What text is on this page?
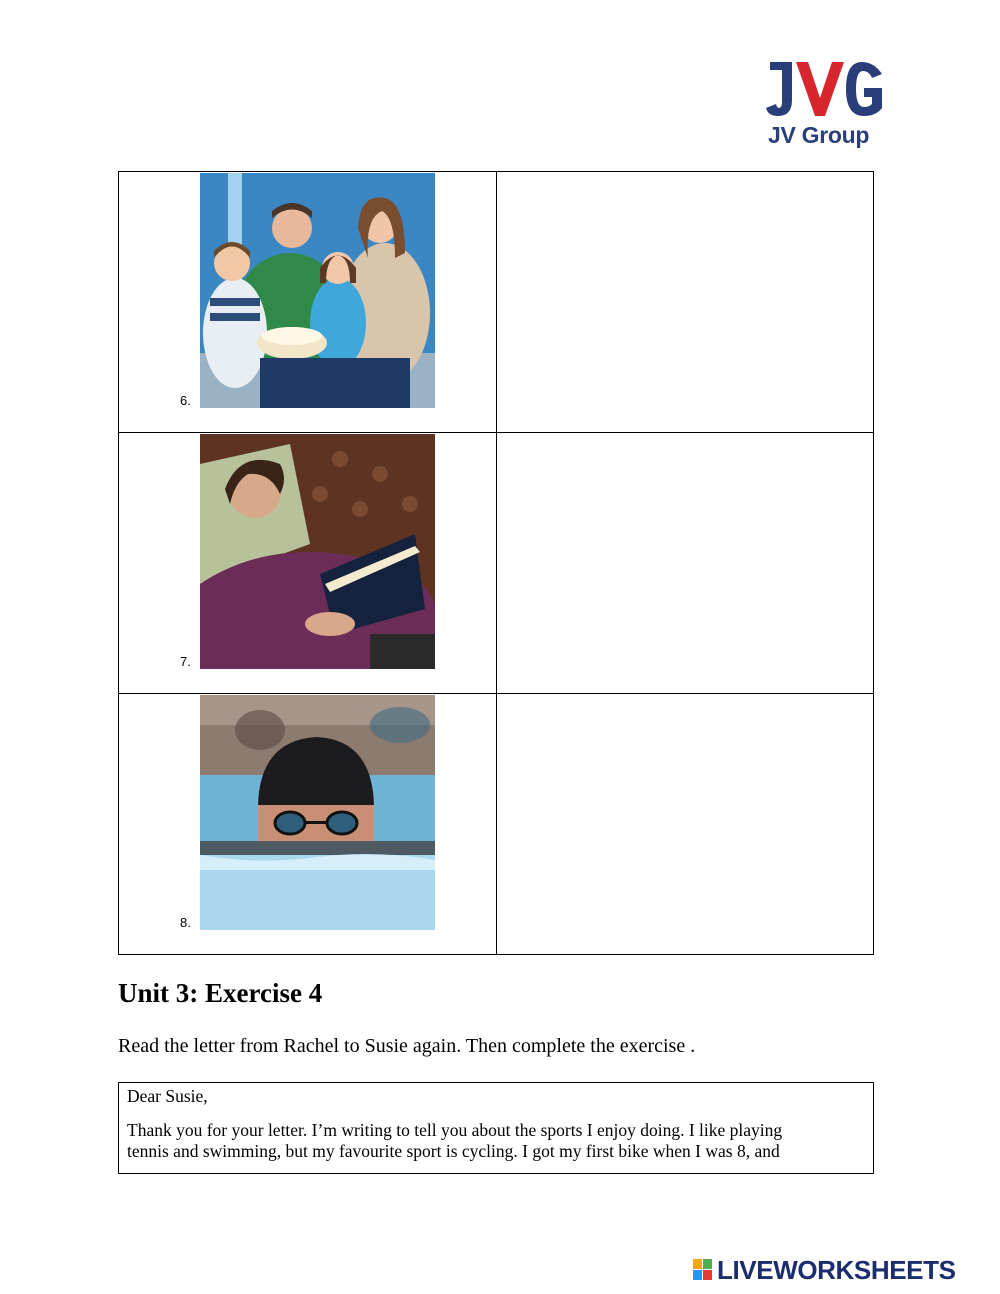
JV Group
6.	

7.	

8.	

Unit 3: Exercise 4

Read the letter from Rachel to Susie again. Then complete the exercise .

Dear Susie,

Thank you for your letter. I’m writing to tell you about the sports I enjoy doing. I like playing

tennis and swimming, but my favourite sport is cycling. I got my first bike when I was 8, and

LIVEWORKSHEETS
